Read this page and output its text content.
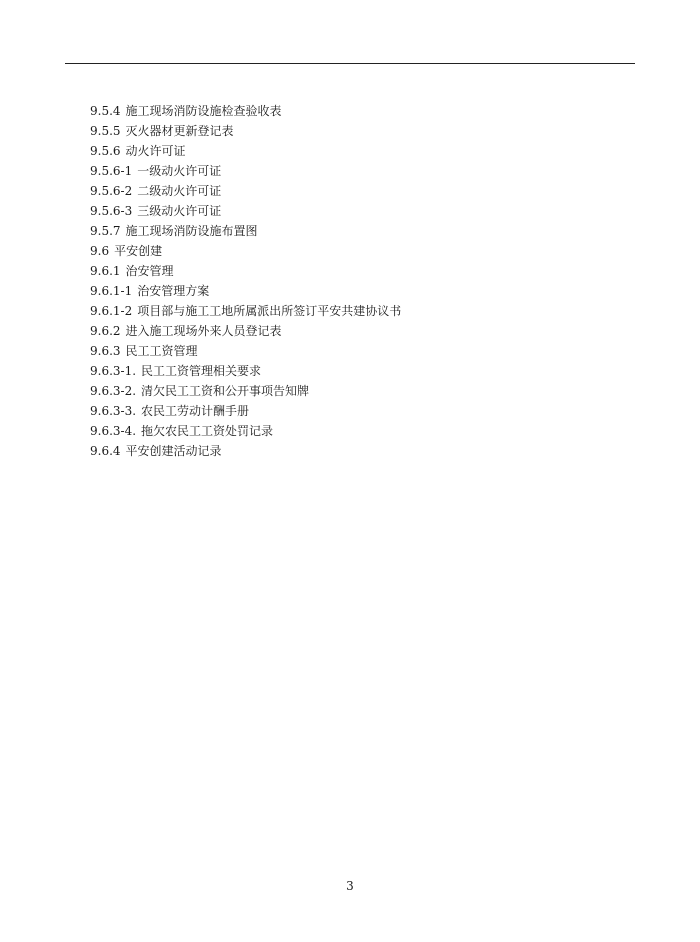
9.5.4 施工现场消防设施检查验收表
9.5.5 灭火器材更新登记表
9.5.6 动火许可证
9.5.6-1 一级动火许可证
9.5.6-2 二级动火许可证
9.5.6-3 三级动火许可证
9.5.7 施工现场消防设施布置图
9.6 平安创建
9.6.1 治安管理
9.6.1-1 治安管理方案
9.6.1-2 项目部与施工工地所属派出所签订平安共建协议书
9.6.2 进入施工现场外来人员登记表
9.6.3 民工工资管理
9.6.3-1. 民工工资管理相关要求
9.6.3-2. 清欠民工工资和公开事项告知牌
9.6.3-3. 农民工劳动计酬手册
9.6.3-4. 拖欠农民工工资处罚记录
9.6.4 平安创建活动记录
3
